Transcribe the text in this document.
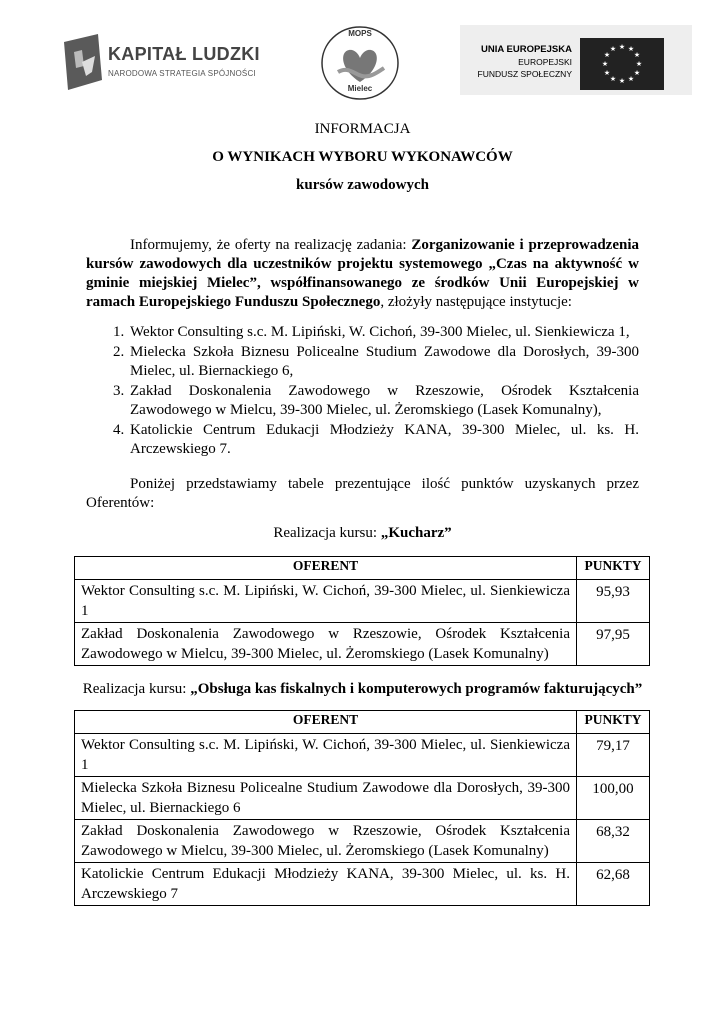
KAPITAŁ LUDZKI
NARODOWA STRATEGIA SPÓJNOŚCI
MOPS
Mielec
UNIA EUROPEJSKA
EUROPEJSKI
FUNDUSZ SPOŁECZNY
★ ★
★
★
★
★
★
★
★
★
★
★
INFORMACJA
O WYNIKACH WYBORU WYKONAWCÓW
kursów zawodowych
Informujemy, że oferty na realizację zadania: Zorganizowanie i przeprowadzenia kursów zawodowych dla uczestników projektu systemowego „Czas na aktywność w gminie miejskiej Mielec”, współfinansowanego ze środków Unii Europejskiej w ramach Europejskiego Funduszu Społecznego, złożyły następujące instytucje:
1. Wektor Consulting s.c. M. Lipiński, W. Cichoń, 39-300 Mielec, ul. Sienkiewicza 1,
2. Mielecka Szkoła Biznesu Policealne Studium Zawodowe dla Dorosłych, 39-300 Mielec, ul. Biernackiego 6,
3. Zakład Doskonalenia Zawodowego w Rzeszowie, Ośrodek Kształcenia Zawodowego w Mielcu, 39-300 Mielec, ul. Żeromskiego (Lasek Komunalny),
4. Katolickie Centrum Edukacji Młodzieży KANA, 39-300 Mielec, ul. ks. H. Arczewskiego 7.
Poniżej przedstawiamy tabele prezentujące ilość punktów uzyskanych przez Oferentów:
Realizacja kursu: „Kucharz”
OFERENT	PUNKTY
Wektor Consulting s.c. M. Lipiński, W. Cichoń, 39-300 Mielec, ul. Sienkiewicza 1	95,93
Zakład Doskonalenia Zawodowego w Rzeszowie, Ośrodek Kształcenia Zawodowego w Mielcu, 39-300 Mielec, ul. Żeromskiego (Lasek Komunalny)	97,95
Realizacja kursu: „Obsługa kas fiskalnych i komputerowych programów fakturujących”
OFERENT	PUNKTY
Wektor Consulting s.c. M. Lipiński, W. Cichoń, 39-300 Mielec, ul. Sienkiewicza 1	79,17
Mielecka Szkoła Biznesu Policealne Studium Zawodowe dla Dorosłych, 39-300 Mielec, ul. Biernackiego 6	100,00
Zakład Doskonalenia Zawodowego w Rzeszowie, Ośrodek Kształcenia Zawodowego w Mielcu, 39-300 Mielec, ul. Żeromskiego (Lasek Komunalny)	68,32
Katolickie Centrum Edukacji Młodzieży KANA, 39-300 Mielec, ul. ks. H. Arczewskiego 7	62,68
